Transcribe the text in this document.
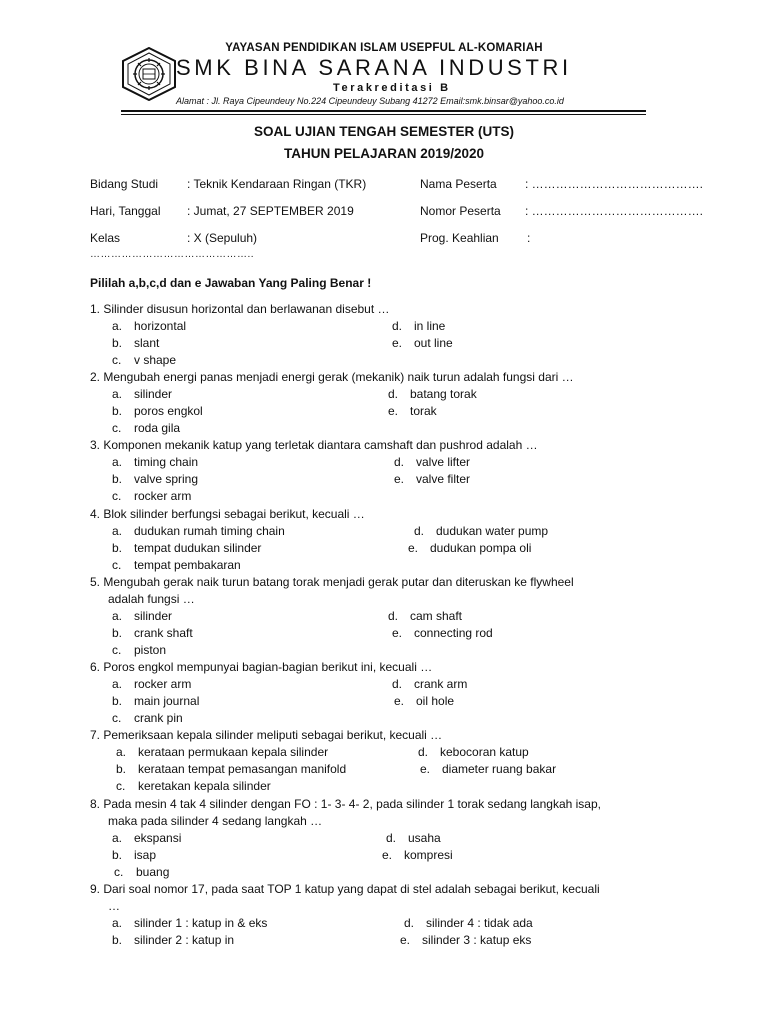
YAYASAN PENDIDIKAN ISLAM USEPFUL AL-KOMARIAH
SMK BINA SARANA INDUSTRI
Terakreditasi B
Alamat : Jl. Raya Cipeundeuy No.224 Cipeundeuy Subang 41272 Email:smk.binsar@yahoo.co.id
SOAL UJIAN TENGAH SEMESTER (UTS)
TAHUN PELAJARAN 2019/2020
Bidang Studi : Teknik Kendaraan Ringan (TKR)	Nama Peserta : …………………………………….
Hari, Tanggal : Jumat, 27 SEPTEMBER 2019	Nomor Peserta : …………………………………….
Kelas	: X (Sepuluh)	Prog. Keahlian :
………………………………………..
Pililah a,b,c,d dan e Jawaban Yang Paling Benar !
1. Silinder disusun horizontal dan berlawanan disebut …
a. horizontal	d. in line
b. slant	e. out line
c. v shape
2. Mengubah energi panas menjadi energi gerak (mekanik) naik turun adalah fungsi dari …
a. silinder	d. batang torak
b. poros engkol	e. torak
c. roda gila
3. Komponen mekanik katup yang terletak diantara camshaft dan pushrod adalah …
a. timing chain	d. valve lifter
b. valve spring	e. valve filter
c. rocker arm
4. Blok silinder berfungsi sebagai berikut, kecuali …
a. dudukan rumah timing chain	d. dudukan water pump
b. tempat dudukan silinder	e. dudukan pompa oli
c. tempat pembakaran
5. Mengubah gerak naik turun batang torak menjadi gerak putar dan diteruskan ke flywheel
adalah fungsi …
a. silinder	d. cam shaft
b. crank shaft	e. connecting rod
c. piston
6. Poros engkol mempunyai bagian-bagian berikut ini, kecuali …
a. rocker arm	d. crank arm
b. main journal	e. oil hole
c. crank pin
7. Pemeriksaan kepala silinder meliputi sebagai berikut, kecuali …
a. kerataan permukaan kepala silinder	d. kebocoran katup
b. kerataan tempat pemasangan manifold	e. diameter ruang bakar
c. keretakan kepala silinder
8. Pada mesin 4 tak 4 silinder dengan FO : 1- 3- 4- 2, pada silinder 1 torak sedang langkah isap,
maka pada silinder 4 sedang langkah …
a. ekspansi	d. usaha
b. isap	e. kompresi
c. buang
9. Dari soal nomor 17, pada saat TOP 1 katup yang dapat di stel adalah sebagai berikut, kecuali
…
a. silinder 1 : katup in & eks	d. silinder 4 : tidak ada
b. silinder 2 : katup in	e. silinder 3 : katup eks
